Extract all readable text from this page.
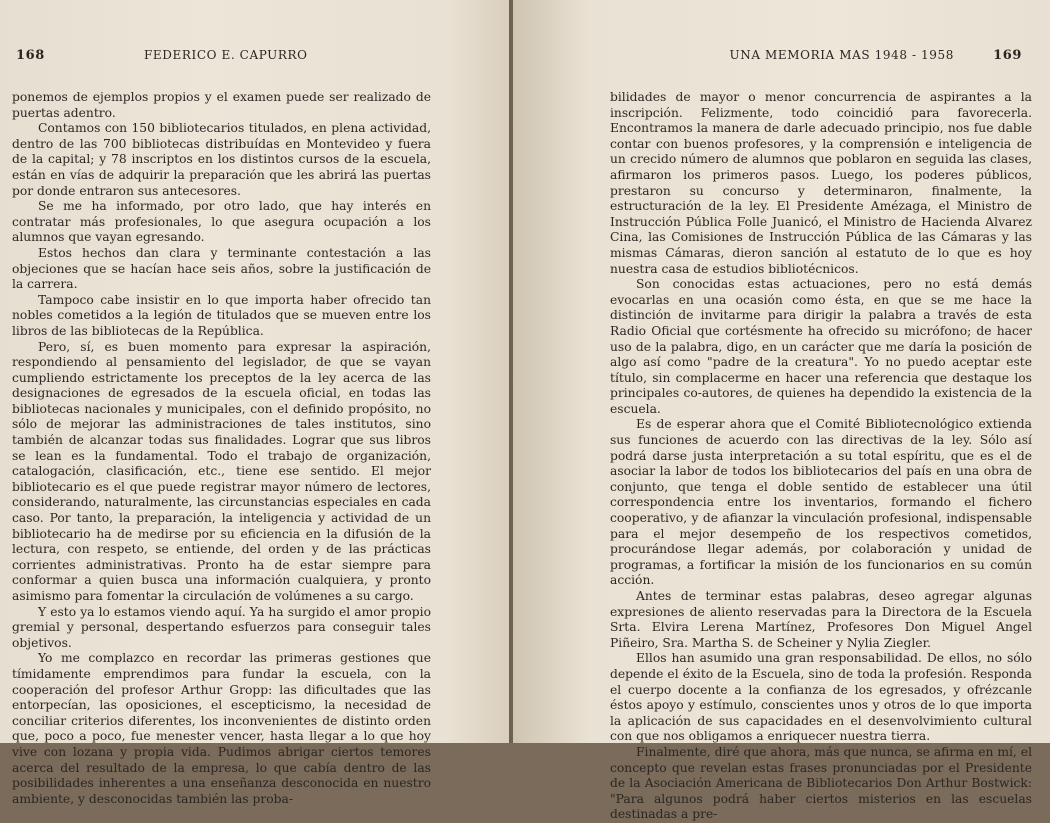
168	FEDERICO E. CAPURRO

ponemos de ejemplos propios y el examen puede ser realizado de puertas adentro.

Contamos con 150 bibliotecarios titulados, en plena actividad, dentro de las 700 bibliotecas distribuídas en Montevideo y fuera de la capital; y 78 inscriptos en los distintos cursos de la escuela, están en vías de adquirir la preparación que les abrirá las puertas por donde entraron sus antecesores.

Se me ha informado, por otro lado, que hay interés en contratar más profesionales, lo que asegura ocupación a los alumnos que vayan egresando.

Estos hechos dan clara y terminante contestación a las objeciones que se hacían hace seis años, sobre la justificación de la carrera.

Tampoco cabe insistir en lo que importa haber ofrecido tan nobles cometidos a la legión de titulados que se mueven entre los libros de las bibliotecas de la República.

Pero, sí, es buen momento para expresar la aspiración, respondiendo al pensamiento del legislador, de que se vayan cumpliendo estrictamente los preceptos de la ley acerca de las designaciones de egresados de la escuela oficial, en todas las bibliotecas nacionales y municipales, con el definido propósito, no sólo de mejorar las administraciones de tales institutos, sino también de alcanzar todas sus finalidades. Lograr que sus libros se lean es la fundamental. Todo el trabajo de organización, catalogación, clasificación, etc., tiene ese sentido. El mejor bibliotecario es el que puede registrar mayor número de lectores, considerando, naturalmente, las circunstancias especiales en cada caso. Por tanto, la preparación, la inteligencia y actividad de un bibliotecario ha de medirse por su eficiencia en la difusión de la lectura, con respeto, se entiende, del orden y de las prácticas corrientes administrativas. Pronto ha de estar siempre para conformar a quien busca una información cualquiera, y pronto asimismo para fomentar la circulación de volúmenes a su cargo.

Y esto ya lo estamos viendo aquí. Ya ha surgido el amor propio gremial y personal, despertando esfuerzos para conseguir tales objetivos.

Yo me complazco en recordar las primeras gestiones que tímidamente emprendimos para fundar la escuela, con la cooperación del profesor Arthur Gropp: las dificultades que las entorpecían, las oposiciones, el escepticismo, la necesidad de conciliar criterios diferentes, los inconvenientes de distinto orden que, poco a poco, fue menester vencer, hasta llegar a lo que hoy vive con lozana y propia vida. Pudimos abrigar ciertos temores acerca del resultado de la empresa, lo que cabía dentro de las posibilidades inherentes a una enseñanza desconocida en nuestro ambiente, y desconocidas también las proba-

UNA MEMORIA MAS 1948 - 1958	169

bilidades de mayor o menor concurrencia de aspirantes a la inscripción. Felizmente, todo coincidió para favorecerla. Encontramos la manera de darle adecuado principio, nos fue dable contar con buenos profesores, y la comprensión e inteligencia de un crecido número de alumnos que poblaron en seguida las clases, afirmaron los primeros pasos. Luego, los poderes públicos, prestaron su concurso y determinaron, finalmente, la estructuración de la ley. El Presidente Amézaga, el Ministro de Instrucción Pública Folle Juanicó, el Ministro de Hacienda Alvarez Cina, las Comisiones de Instrucción Pública de las Cámaras y las mismas Cámaras, dieron sanción al estatuto de lo que es hoy nuestra casa de estudios bibliotécnicos.

Son conocidas estas actuaciones, pero no está demás evocarlas en una ocasión como ésta, en que se me hace la distinción de invitarme para dirigir la palabra a través de esta Radio Oficial que cortésmente ha ofrecido su micrófono; de hacer uso de la palabra, digo, en un carácter que me daría la posición de algo así como "padre de la creatura". Yo no puedo aceptar este título, sin complacerme en hacer una referencia que destaque los principales co-autores, de quienes ha dependido la existencia de la escuela.

Es de esperar ahora que el Comité Bibliotecnológico extienda sus funciones de acuerdo con las directivas de la ley. Sólo así podrá darse justa interpretación a su total espíritu, que es el de asociar la labor de todos los bibliotecarios del país en una obra de conjunto, que tenga el doble sentido de establecer una útil correspondencia entre los inventarios, formando el fichero cooperativo, y de afianzar la vinculación profesional, indispensable para el mejor desempeño de los respectivos cometidos, procurándose llegar además, por colaboración y unidad de programas, a fortificar la misión de los funcionarios en su común acción.

Antes de terminar estas palabras, deseo agregar algunas expresiones de aliento reservadas para la Directora de la Escuela Srta. Elvira Lerena Martínez, Profesores Don Miguel Angel Piñeiro, Sra. Martha S. de Scheiner y Nylia Ziegler.

Ellos han asumido una gran responsabilidad. De ellos, no sólo depende el éxito de la Escuela, sino de toda la profesión. Responda el cuerpo docente a la confianza de los egresados, y ofrézcanle éstos apoyo y estímulo, conscientes unos y otros de lo que importa la aplicación de sus capacidades en el desenvolvimiento cultural con que nos obligamos a enriquecer nuestra tierra.

Finalmente, diré que ahora, más que nunca, se afirma en mí, el concepto que revelan estas frases pronunciadas por el Presidente de la Asociación Americana de Bibliotecarios Don Arthur Bostwick: "Para algunos podrá haber ciertos misterios en las escuelas destinadas a pre-
